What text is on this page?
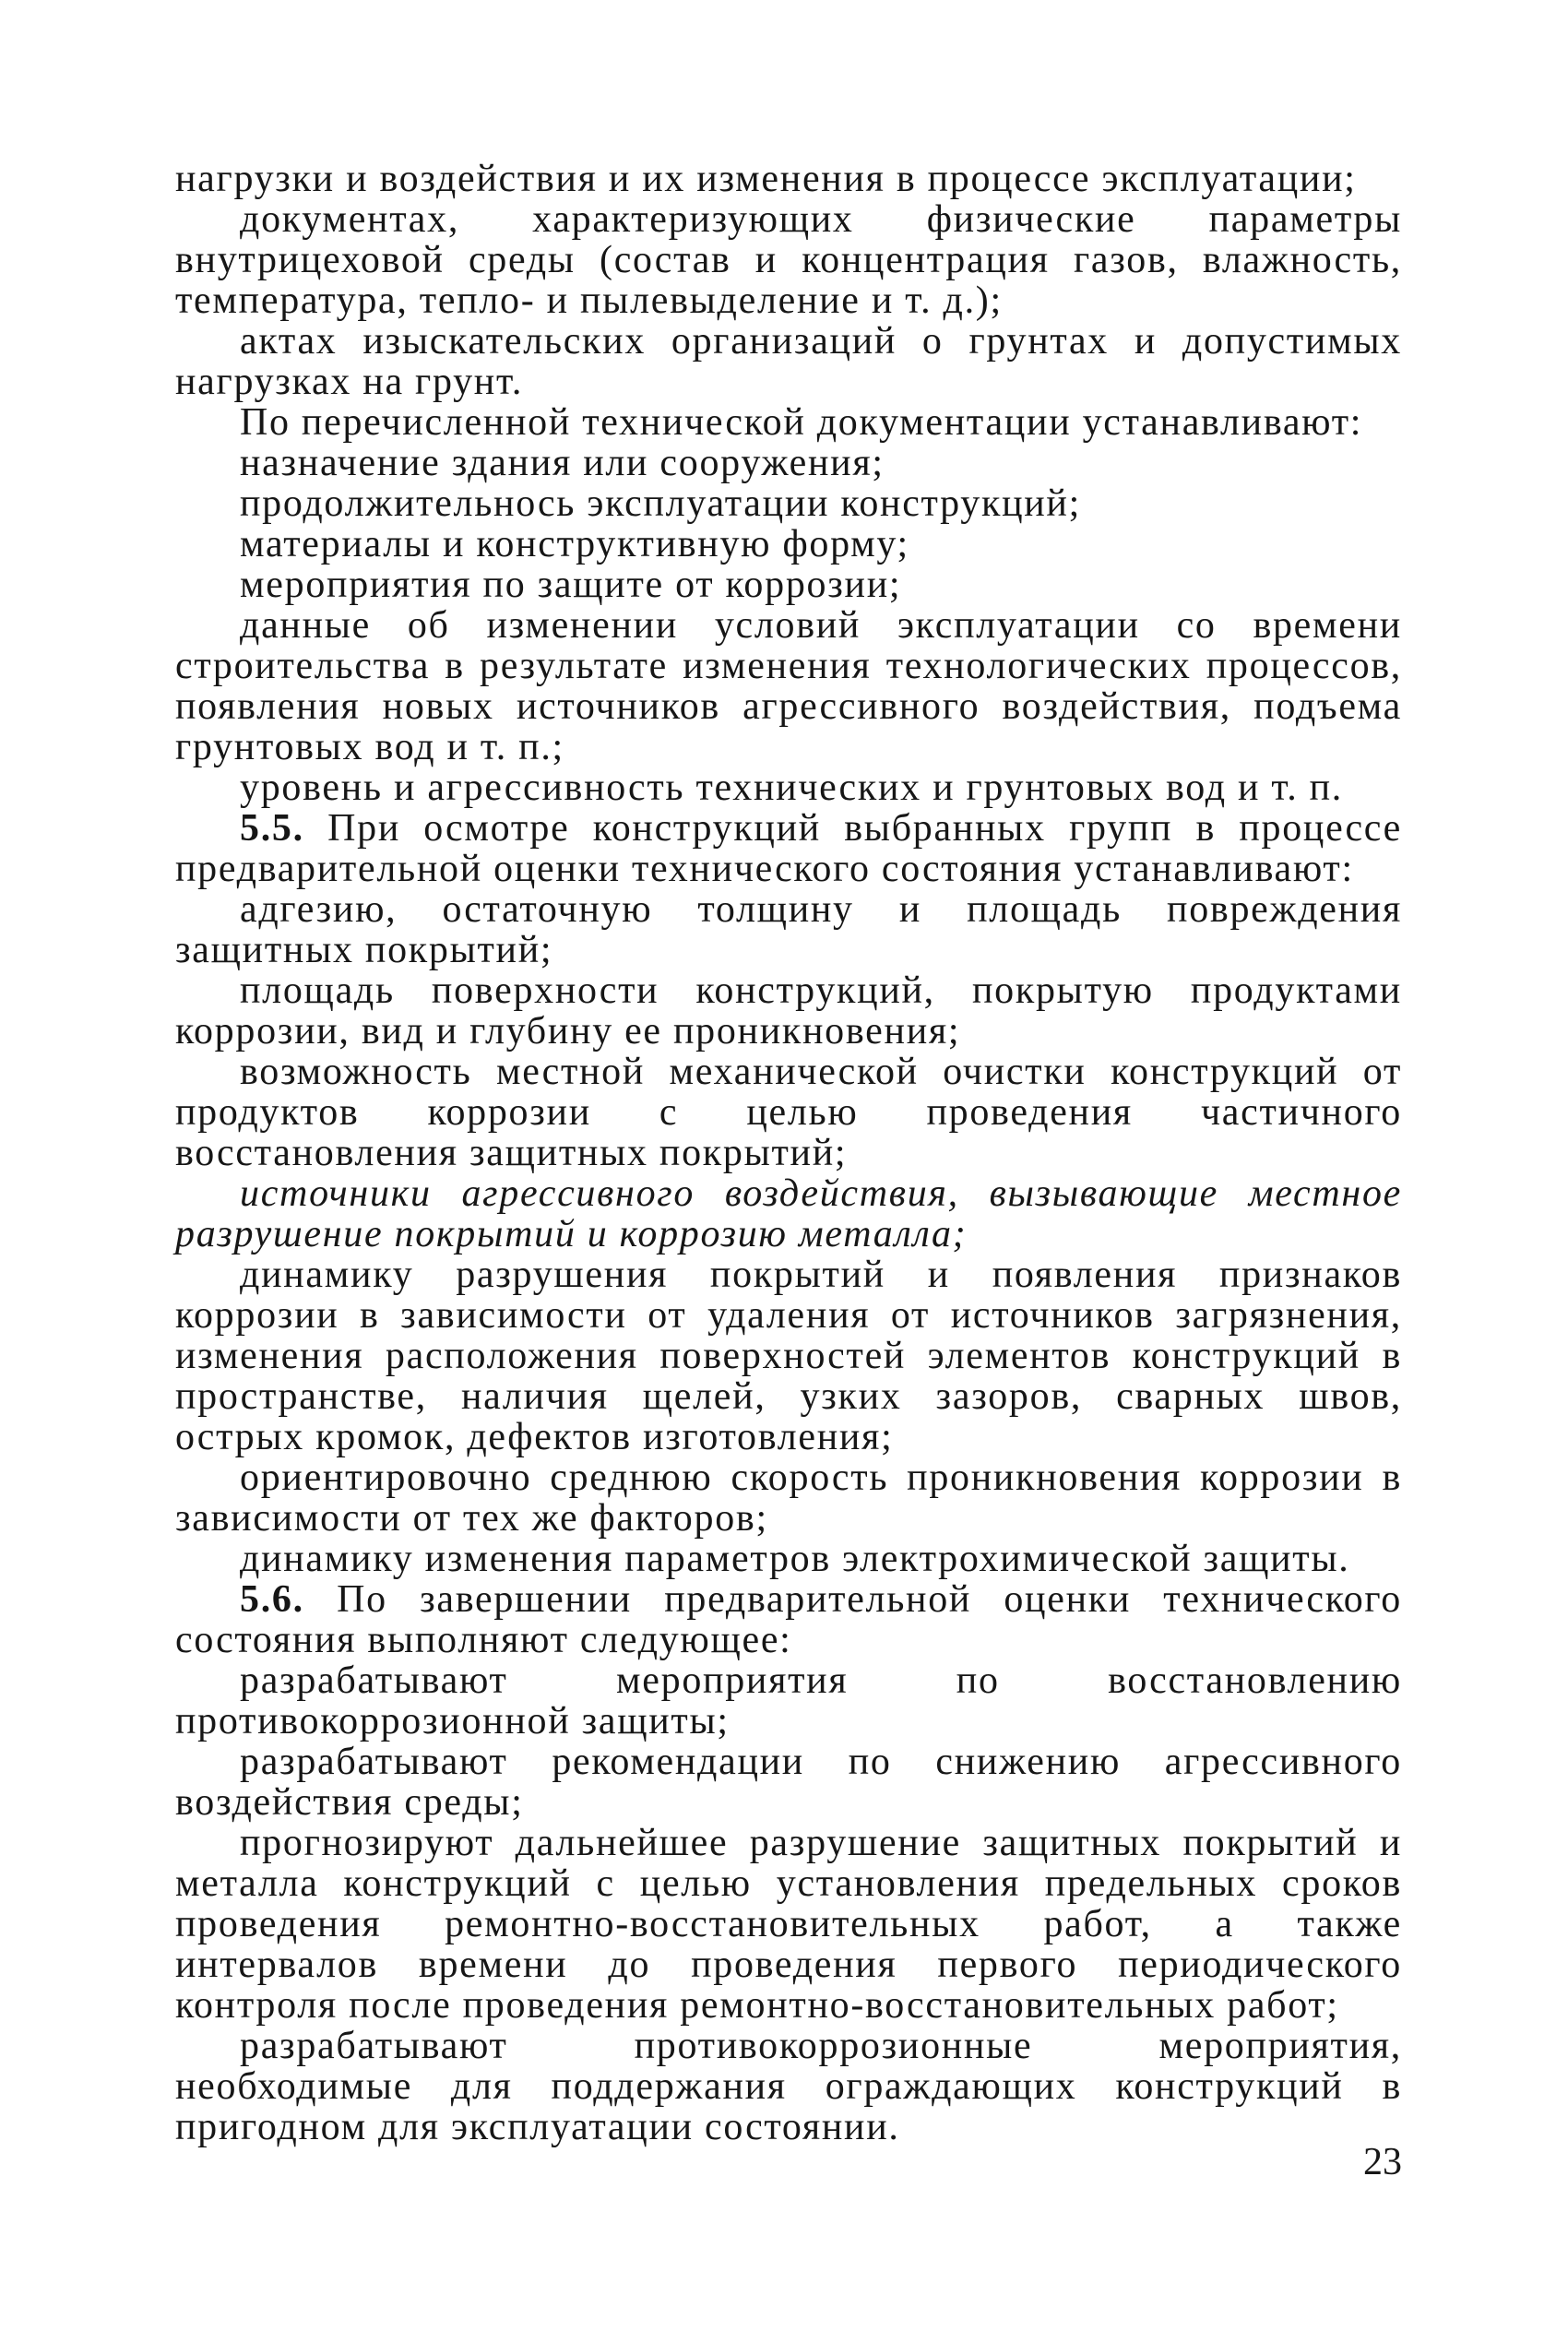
нагрузки и воздействия и их изменения в процессе эксплуатации;

документах, характеризующих физические параметры внутрицеховой среды (состав и концентрация газов, влажность, температура, тепло- и пылевыделение и т. д.);

актах изыскательских организаций о грунтах и допустимых нагрузках на грунт.

По перечисленной технической документации устанавливают:

назначение здания или сооружения;

продолжительнось эксплуатации конструкций;

материалы и конструктивную форму;

мероприятия по защите от коррозии;

данные об изменении условий эксплуатации со времени строительства в результате изменения технологических процессов, появления новых источников агрессивного воздействия, подъема грунтовых вод и т. п.;

уровень и агрессивность технических и грунтовых вод и т. п.

5.5. При осмотре конструкций выбранных групп в процессе предварительной оценки технического состояния устанавливают:

адгезию, остаточную толщину и площадь повреждения защитных покрытий;

площадь поверхности конструкций, покрытую продуктами коррозии, вид и глубину ее проникновения;

возможность местной механической очистки конструкций от продуктов коррозии с целью проведения частичного восстановления защитных покрытий;

источники агрессивного воздействия, вызывающие местное разрушение покрытий и коррозию металла;

динамику разрушения покрытий и появления признаков коррозии в зависимости от удаления от источников загрязнения, изменения расположения поверхностей элементов конструкций в пространстве, наличия щелей, узких зазоров, сварных швов, острых кромок, дефектов изготовления;

ориентировочно среднюю скорость проникновения коррозии в зависимости от тех же факторов;

динамику изменения параметров электрохимической защиты.

5.6. По завершении предварительной оценки технического состояния выполняют следующее:

разрабатывают мероприятия по восстановлению противокоррозионной защиты;

разрабатывают рекомендации по снижению агрессивного воздействия среды;

прогнозируют дальнейшее разрушение защитных покрытий и металла конструкций с целью установления предельных сроков проведения ремонтно-восстановительных работ, а также интервалов времени до проведения первого периодического контроля после проведения ремонтно-восстановительных работ;

разрабатывают противокоррозионные мероприятия, необходимые для поддержания ограждающих конструкций в пригодном для эксплуатации состоянии.

23
